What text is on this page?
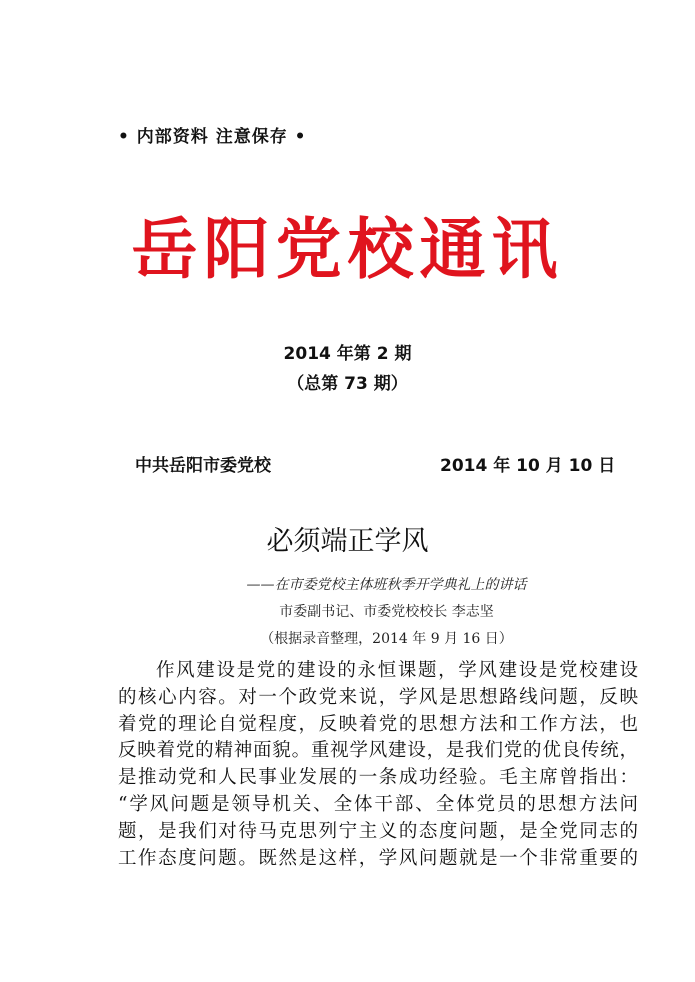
• 内部资料 注意保存 •
岳阳党校通讯
2014 年第 2 期
（总第 73 期）
中共岳阳市委党校	2014 年 10 月 10 日
必须端正学风
——在市委党校主体班秋季开学典礼上的讲话
市委副书记、市委党校校长 李志坚
（根据录音整理，2014 年 9 月 16 日）
作风建设是党的建设的永恒课题，学风建设是党校建设
的核心内容。对一个政党来说，学风是思想路线问题，反映
着党的理论自觉程度，反映着党的思想方法和工作方法，也
反映着党的精神面貌。重视学风建设，是我们党的优良传统，
是推动党和人民事业发展的一条成功经验。毛主席曾指出：
“学风问题是领导机关、全体干部、全体党员的思想方法问
题，是我们对待马克思列宁主义的态度问题，是全党同志的
工作态度问题。既然是这样，学风问题就是一个非常重要的
